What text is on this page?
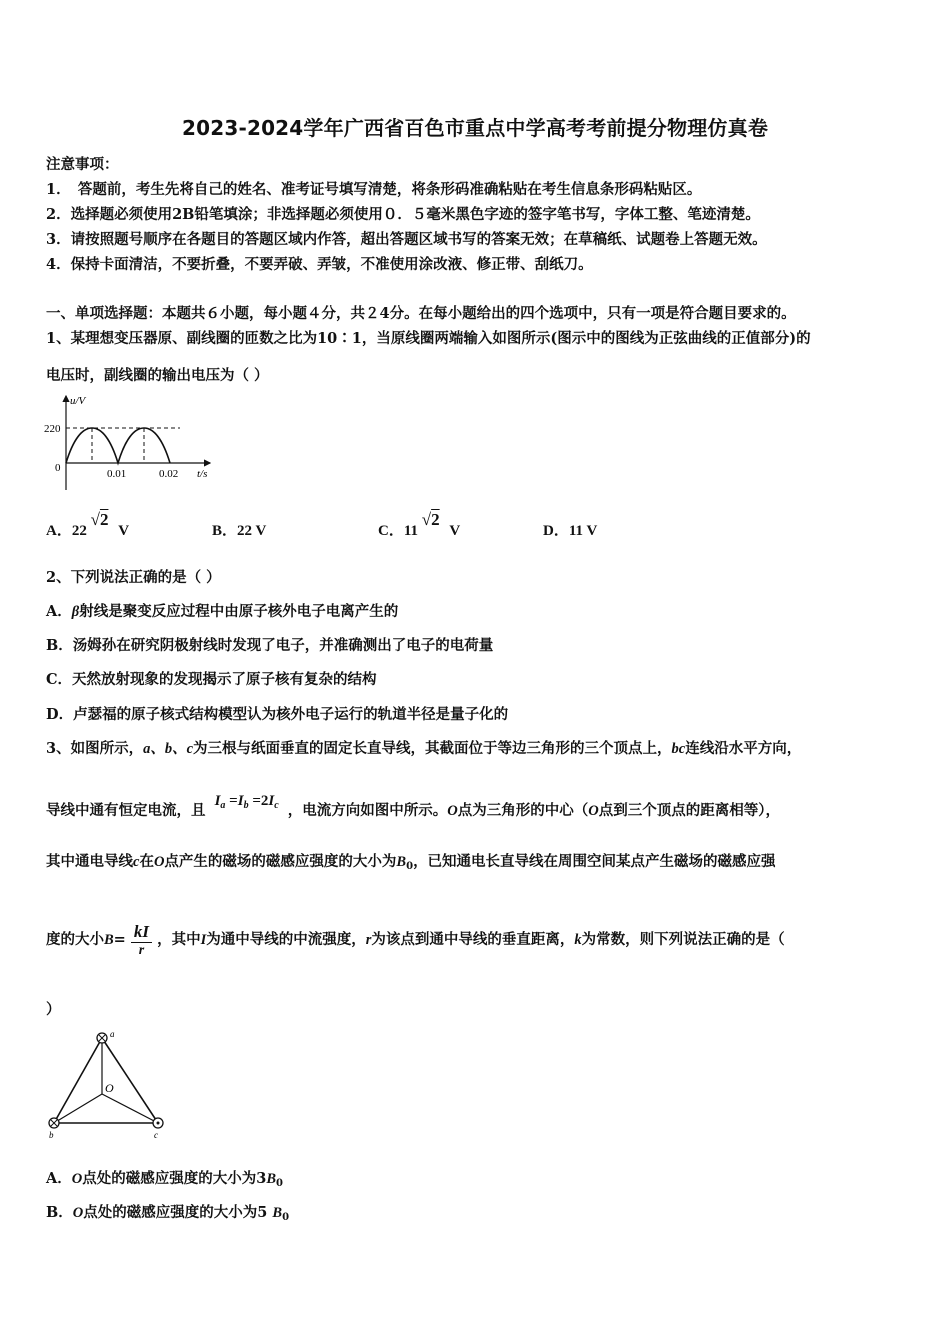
2023-2024学年广西省百色市重点中学高考考前提分物理仿真卷
注意事项：
1．　答题前，考生先将自己的姓名、准考证号填写清楚，将条形码准确粘贴在考生信息条形码粘贴区。
2．选择题必须使用2B铅笔填涂；非选择题必须使用０．５毫米黑色字迹的签字笔书写，字体工整、笔迹清楚。
3．请按照题号顺序在各题目的答题区域内作答，超出答题区域书写的答案无效；在草稿纸、试题卷上答题无效。
4．保持卡面清洁，不要折叠，不要弄破、弄皱，不准使用涂改液、修正带、刮纸刀。
一、单项选择题：本题共６小题，每小题４分，共２4分。在每小题给出的四个选项中，只有一项是符合题目要求的。
1、某理想变压器原、副线圈的匝数之比为10∶1，当原线圈两端输入如图所示(图示中的图线为正弦曲线的正值部分)的
电压时，副线圈的输出电压为（ ）
u/V
220
0	0.01	0.02 t/s
A．22 √2 V	B．22 V	C．11 √2 V	D．11 V
2、下列说法正确的是（ ）
A．β射线是聚变反应过程中由原子核外电子电离产生的
B．汤姆孙在研究阴极射线时发现了电子，并准确测出了电子的电荷量
C．天然放射现象的发现揭示了原子核有复杂的结构
D．卢瑟福的原子核式结构模型认为核外电子运行的轨道半径是量子化的
3、如图所示，a、b、c为三根与纸面垂直的固定长直导线，其截面位于等边三角形的三个顶点上，bc连线沿水平方向，
导线中通有恒定电流，且 $I_a =I_b =2I_c$ ，电流方向如图中所示。O点为三角形的中心（O点到三个顶点的距离相等），
其中通电导线c在O点产生的磁场的磁感应强度的大小为$B_0$，已知通电长直导线在周围空间某点产生磁场的磁感应强
度的大小$B= \frac{kI}{r}$ ，其中I为通中导线的中流强度，r为该点到通中导线的垂直距离，k为常数，则下列说法正确的是（
）
a
b	c
O
A．O点处的磁感应强度的大小为$3B_0$
B．O点处的磁感应强度的大小为5 $B_0$
